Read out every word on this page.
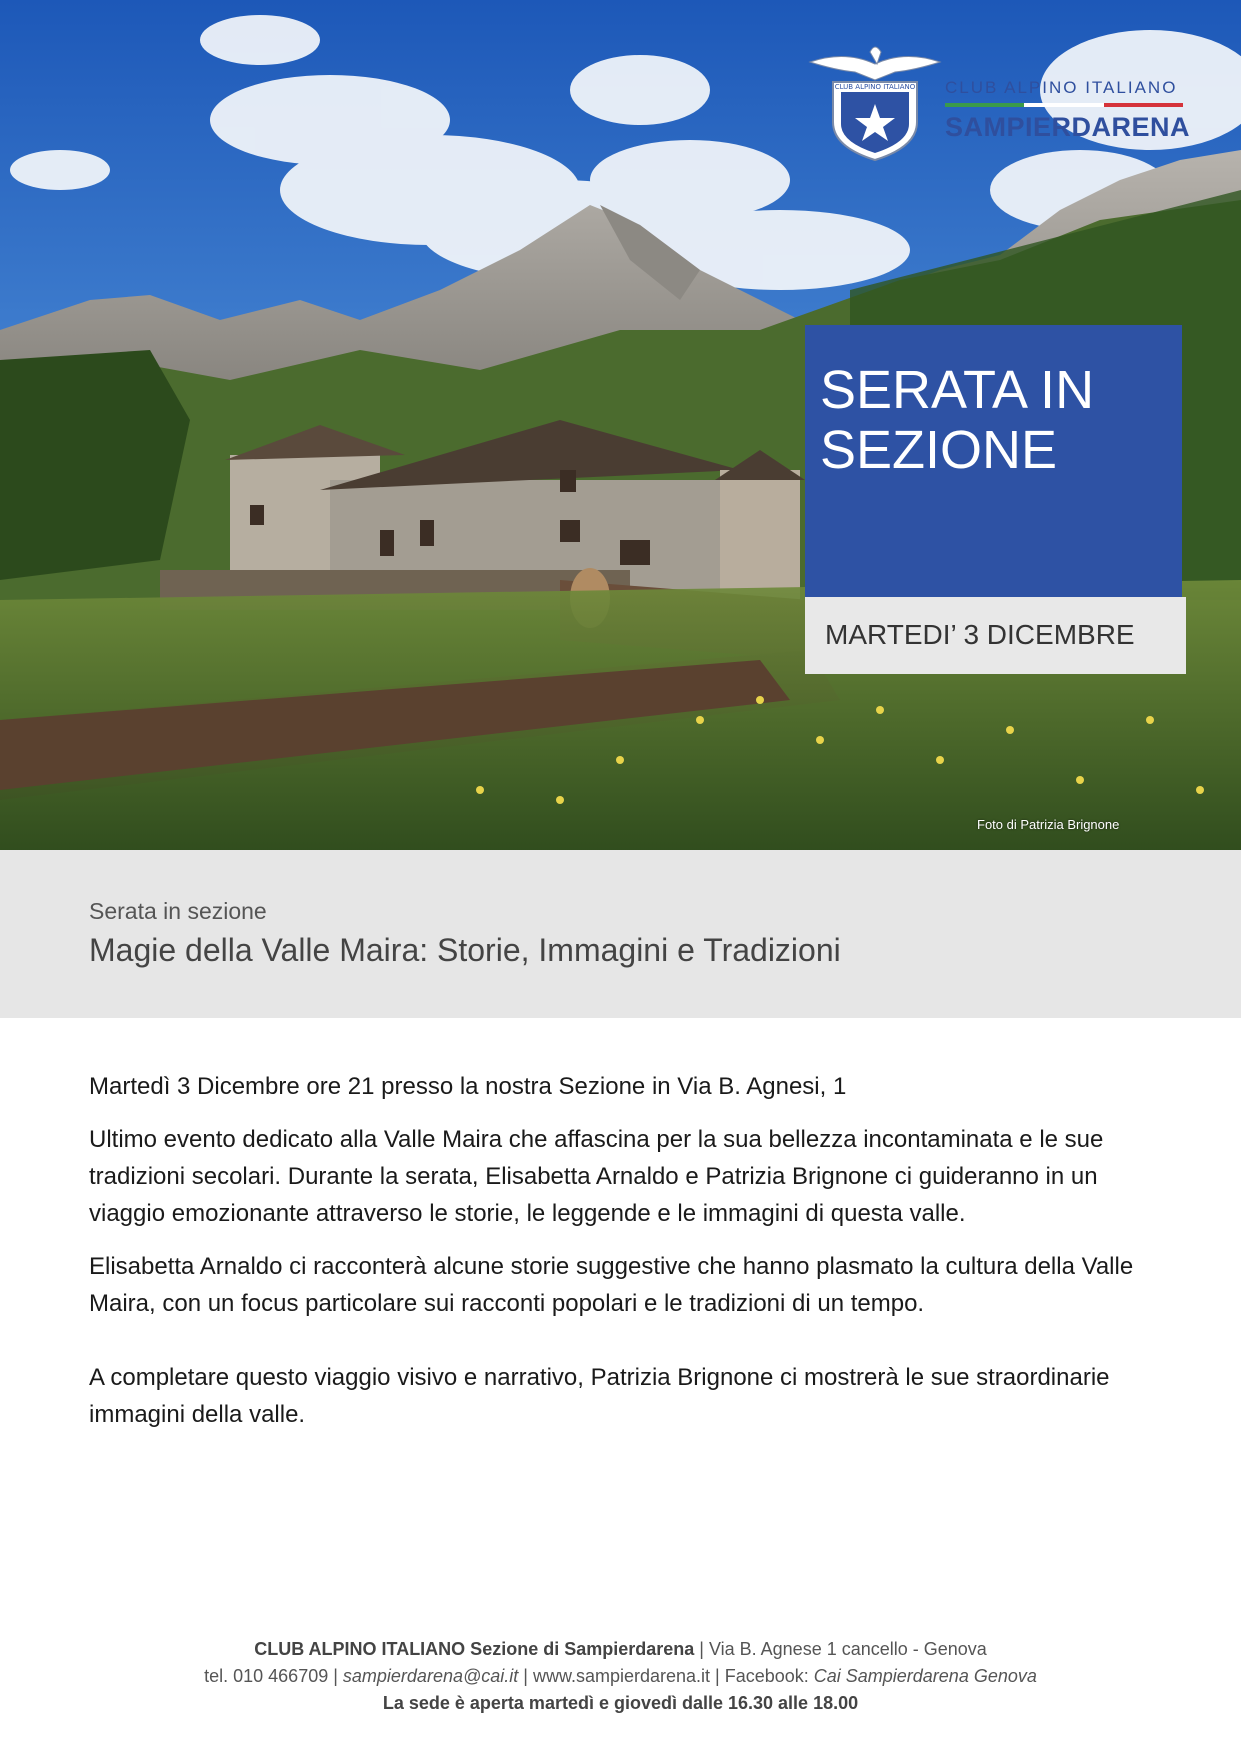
CLUB ALPINO ITALIANO CLUB ALPINO ITALIANO
SAMPIERDARENA
SERATA IN SEZIONE
MARTEDI’ 3 DICEMBRE
Foto di Patrizia Brignone
Serata in sezione
Magie della Valle Maira: Storie, Immagini e Tradizioni

Martedì 3 Dicembre ore 21 presso la nostra Sezione in Via B. Agnesi, 1

Ultimo evento dedicato alla Valle Maira che affascina per la sua bellezza incontaminata e le sue tradizioni secolari. Durante la serata, Elisabetta Arnaldo e Patrizia Brignone ci guideranno in un viaggio emozionante attraverso le storie, le leggende e le immagini di questa valle.

Elisabetta Arnaldo ci racconterà alcune storie suggestive che hanno plasmato la cultura della Valle Maira, con un focus particolare sui racconti popolari e le tradizioni di un tempo.

A completare questo viaggio visivo e narrativo, Patrizia Brignone ci mostrerà le sue straordinarie immagini della valle.

CLUB ALPINO ITALIANO Sezione di Sampierdarena | Via B. Agnese 1 cancello - Genova
tel. 010 466709 | sampierdarena@cai.it | www.sampierdarena.it | Facebook: Cai Sampierdarena Genova
La sede è aperta martedì e giovedì dalle 16.30 alle 18.00
